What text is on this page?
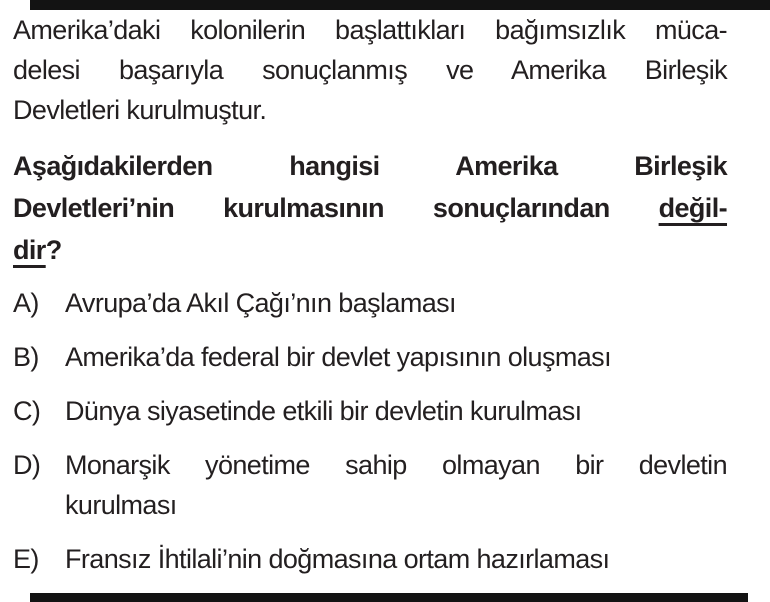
Amerika’daki kolonilerin başlattıkları bağımsızlık müca-
delesi başarıyla sonuçlanmış ve Amerika Birleşik
Devletleri kurulmuştur.
Aşağıdakilerden hangisi Amerika Birleşik
Devletleri’nin kurulmasının sonuçlarından değil-
dir?
A) Avrupa’da Akıl Çağı’nın başlaması
B) Amerika’da federal bir devlet yapısının oluşması
C) Dünya siyasetinde etkili bir devletin kurulması
D) Monarşik yönetime sahip olmayan bir devletin
kurulması
E) Fransız İhtilali’nin doğmasına ortam hazırlaması
